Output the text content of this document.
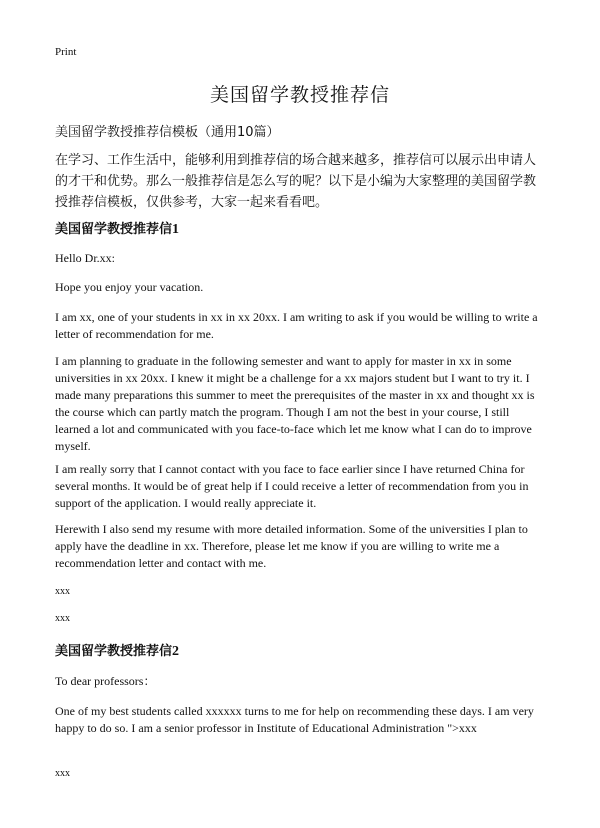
Print
美国留学教授推荐信
美国留学教授推荐信模板（通用10篇）

在学习、工作生活中，能够利用到推荐信的场合越来越多，推荐信可以展示出申请人的才干和优势。那么一般推荐信是怎么写的呢？以下是小编为大家整理的美国留学教授推荐信模板，仅供参考，大家一起来看看吧。

美国留学教授推荐信1

Hello Dr.xx:

Hope you enjoy your vacation.

I am xx, one of your students in xx in xx 20xx. I am writing to ask if you would be willing to write a letter of recommendation for me.

I am planning to graduate in the following semester and want to apply for master in xx in some universities in xx 20xx. I knew it might be a challenge for a xx majors student but I want to try it. I made many preparations this summer to meet the prerequisites of the master in xx and thought xx is the course which can partly match the program. Though I am not the best in your course, I still learned a lot and communicated with you face-to-face which let me know what I can do to improve myself.

I am really sorry that I cannot contact with you face to face earlier since I have returned China for several months. It would be of great help if I could receive a letter of recommendation from you in support of the application. I would really appreciate it.

Herewith I also send my resume with more detailed information. Some of the universities I plan to apply have the deadline in xx. Therefore, please let me know if you are willing to write me a recommendation letter and contact with me.

xxx
xxx
美国留学教授推荐信2

To dear professors：

One of my best students called xxxxxx turns to me for help on recommending these days. I am very happy to do so. I am a senior professor in Institute of Educational Administration ">xxx

xxx
